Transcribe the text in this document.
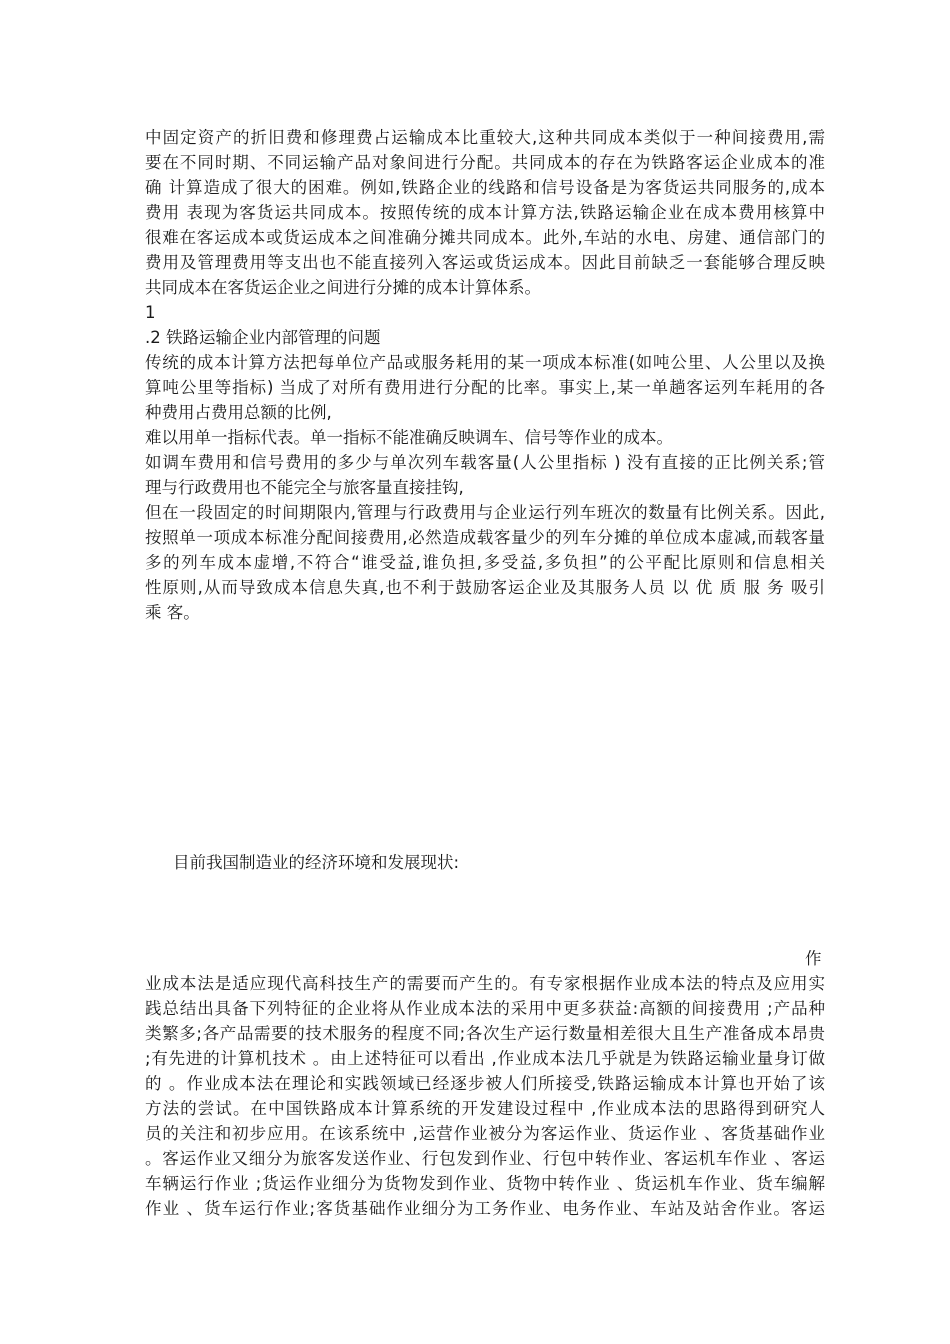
中固定资产的折旧费和修理费占运输成本比重较大,这种共同成本类似于一种间接费用,需
要在不同时期、不同运输产品对象间进行分配。共同成本的存在为铁路客运企业成本的准
确 计算造成了很大的困难。例如,铁路企业的线路和信号设备是为客货运共同服务的,成本
费用 表现为客货运共同成本。按照传统的成本计算方法,铁路运输企业在成本费用核算中
很难在客运成本或货运成本之间准确分摊共同成本。此外,车站的水电、房建、通信部门的
费用及管理费用等支出也不能直接列入客运或货运成本。因此目前缺乏一套能够合理反映
共同成本在客货运企业之间进行分摊的成本计算体系。
1
.2 铁路运输企业内部管理的问题
传统的成本计算方法把每单位产品或服务耗用的某一项成本标准(如吨公里、人公里以及换
算吨公里等指标) 当成了对所有费用进行分配的比率。事实上,某一单趟客运列车耗用的各
种费用占费用总额的比例,
难以用单一指标代表。单一指标不能准确反映调车、信号等作业的成本。
如调车费用和信号费用的多少与单次列车载客量(人公里指标 ) 没有直接的正比例关系;管
理与行政费用也不能完全与旅客量直接挂钩,
但在一段固定的时间期限内,管理与行政费用与企业运行列车班次的数量有比例关系。因此,
按照单一项成本标准分配间接费用,必然造成载客量少的列车分摊的单位成本虚减,而载客量
多的列车成本虚增,不符合“谁受益,谁负担,多受益,多负担”的公平配比原则和信息相关
性原则,从而导致成本信息失真,也不利于鼓励客运企业及其服务人员 以 优 质 服 务 吸引
乘 客。
目前我国制造业的经济环境和发展现状:
作
业成本法是适应现代高科技生产的需要而产生的。有专家根据作业成本法的特点及应用实
践总结出具备下列特征的企业将从作业成本法的采用中更多获益:高额的间接费用 ;产品种
类繁多;各产品需要的技术服务的程度不同;各次生产运行数量相差很大且生产准备成本昂贵
;有先进的计算机技术 。由上述特征可以看出 ,作业成本法几乎就是为铁路运输业量身订做
的 。作业成本法在理论和实践领域已经逐步被人们所接受,铁路运输成本计算也开始了该
方法的尝试。在中国铁路成本计算系统的开发建设过程中 ,作业成本法的思路得到研究人
员的关注和初步应用。在该系统中 ,运营作业被分为客运作业、货运作业 、客货基础作业
。客运作业又细分为旅客发送作业、行包发到作业、行包中转作业、客运机车作业 、客运
车辆运行作业 ;货运作业细分为货物发到作业、货物中转作业 、货运机车作业、货车编解
作业 、货车运行作业;客货基础作业细分为工务作业、电务作业、车站及站舍作业。客运
